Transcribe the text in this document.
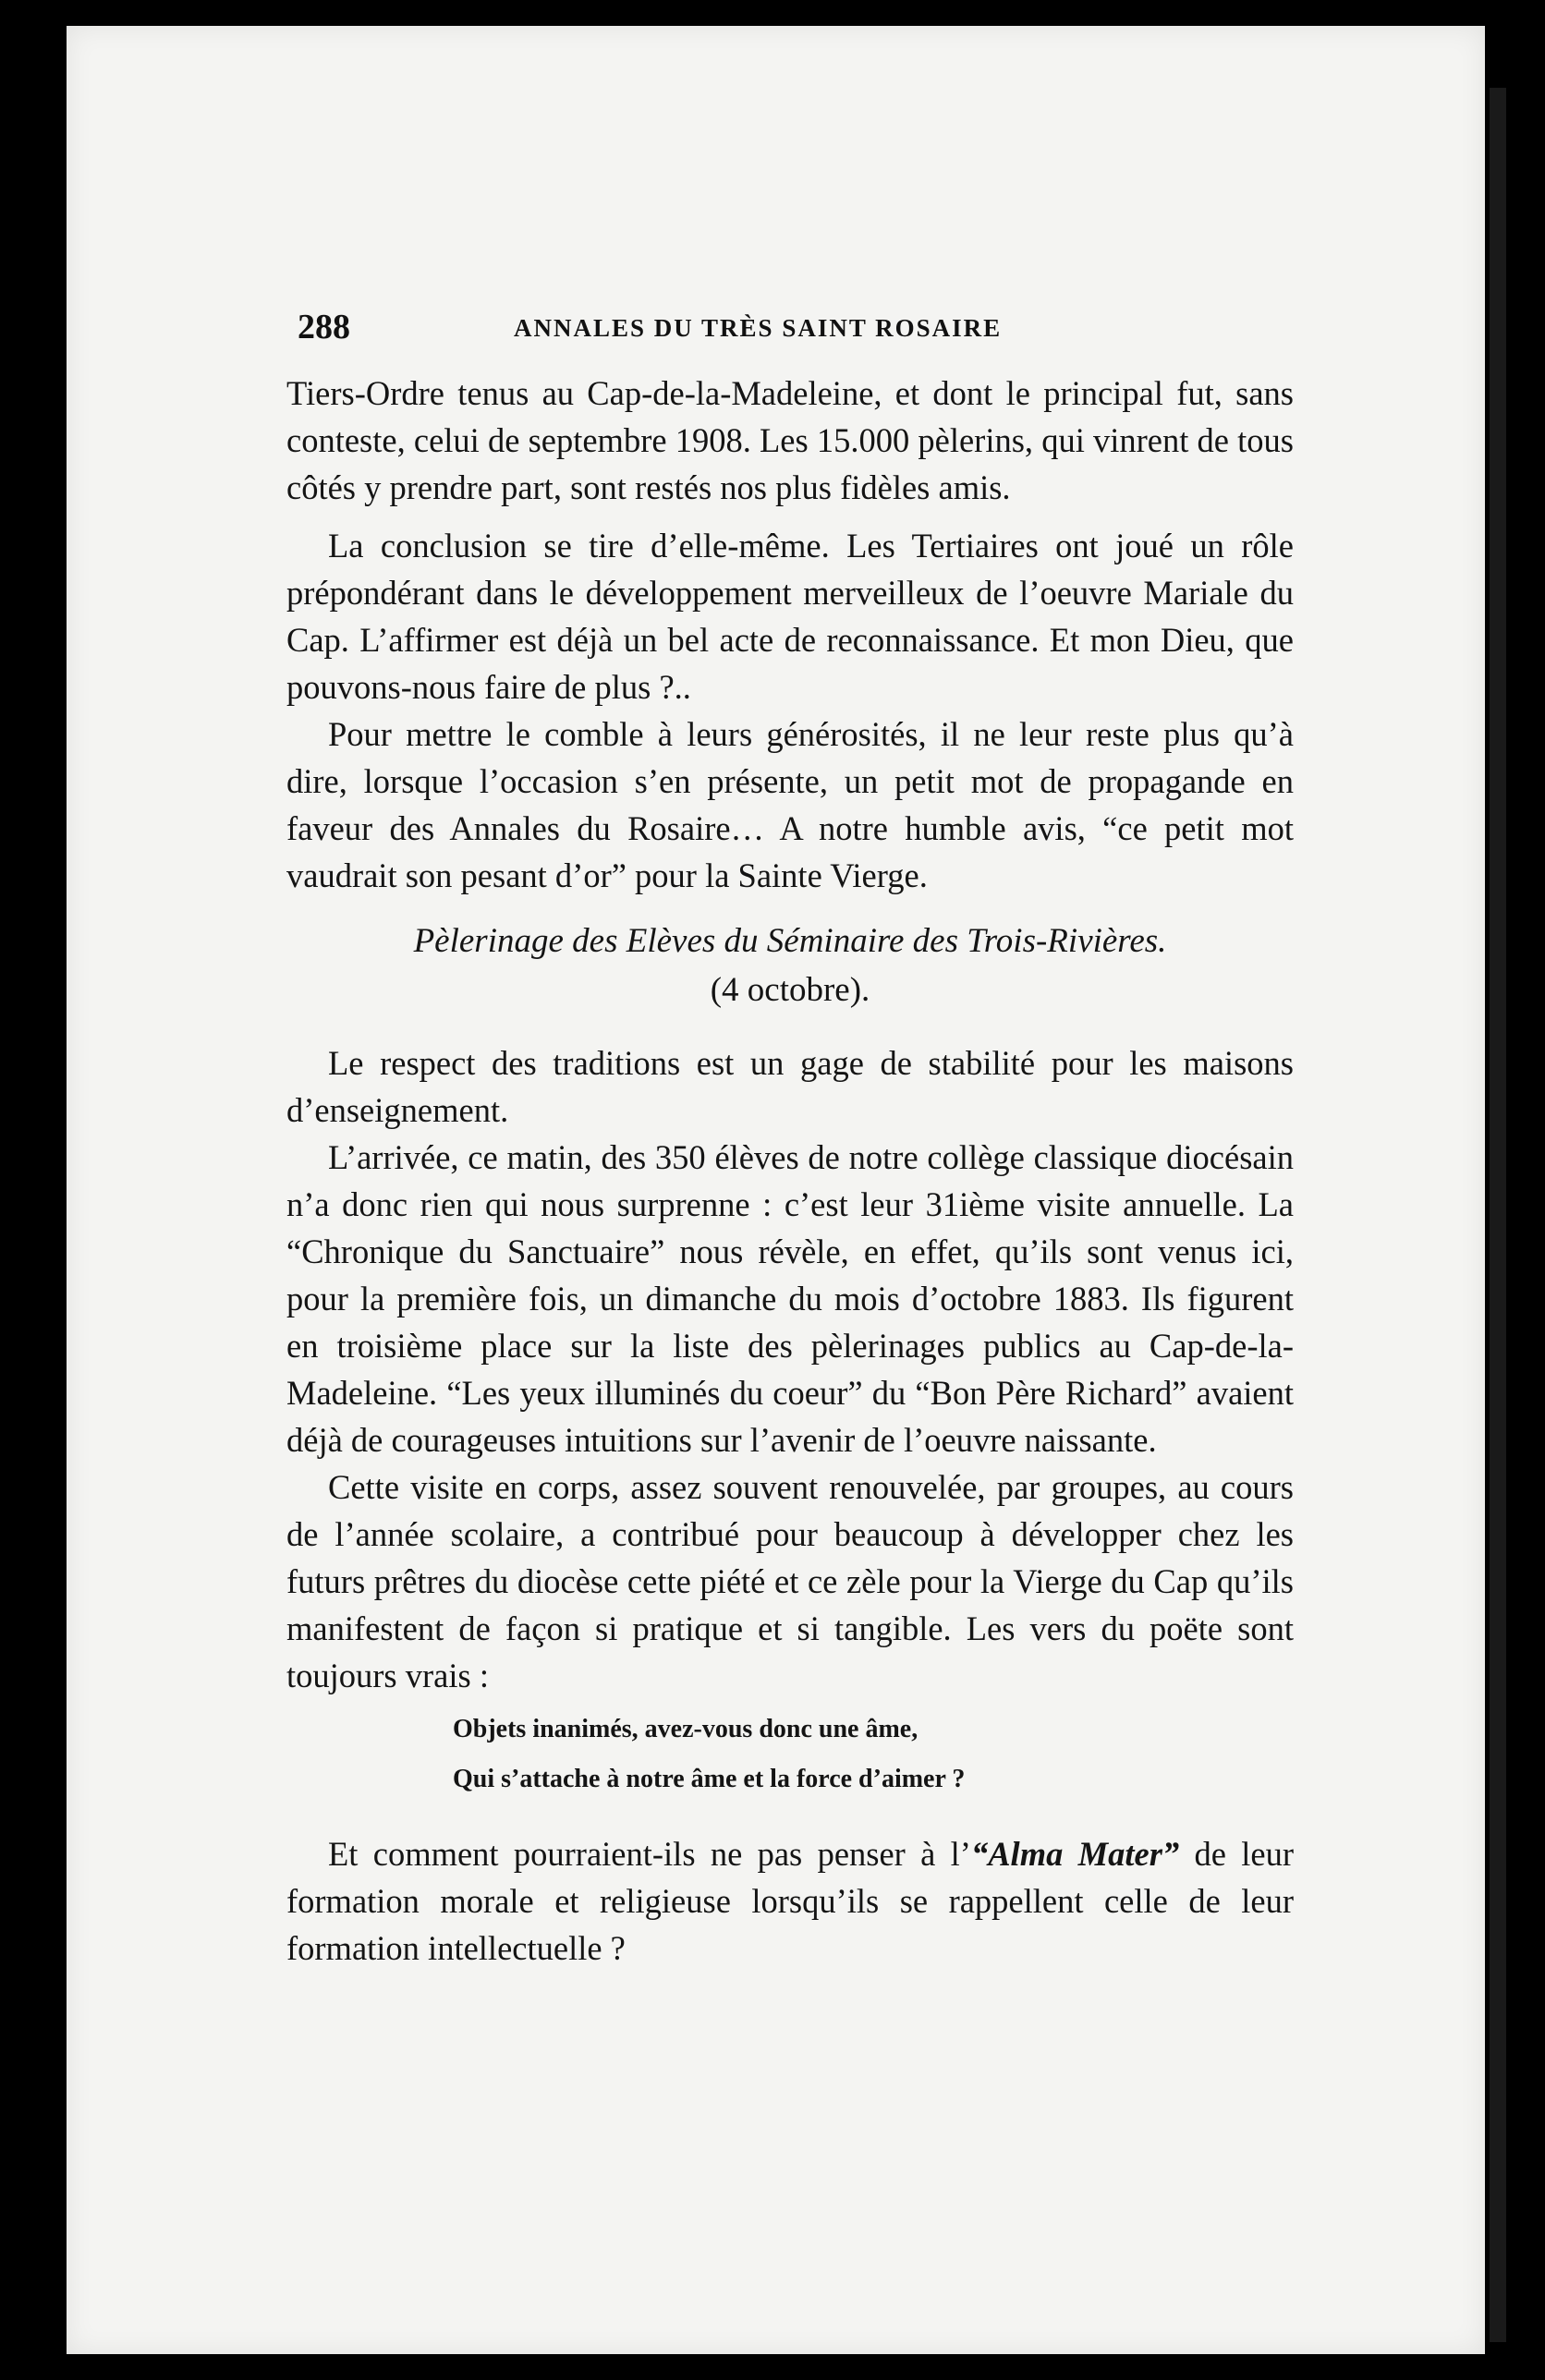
288	ANNALES DU TRÈS SAINT ROSAIRE

Tiers-Ordre tenus au Cap-de-la-Madeleine, et dont le principal fut, sans conteste, celui de septembre 1908. Les 15.000 pèlerins, qui vinrent de tous côtés y prendre part, sont restés nos plus fidèles amis.

La conclusion se tire d’elle-même. Les Tertiaires ont joué un rôle prépondérant dans le développement merveilleux de l’oeuvre Mariale du Cap. L’affirmer est déjà un bel acte de reconnaissance. Et mon Dieu, que pouvons-nous faire de plus ?..

Pour mettre le comble à leurs générosités, il ne leur reste plus qu’à dire, lorsque l’occasion s’en présente, un petit mot de propagande en faveur des Annales du Rosaire… A notre humble avis, “ce petit mot vaudrait son pesant d’or” pour la Sainte Vierge.

Pèlerinage des Elèves du Séminaire des Trois-Rivières.

(4 octobre).

Le respect des traditions est un gage de stabilité pour les maisons d’enseignement.

L’arrivée, ce matin, des 350 élèves de notre collège classique diocésain n’a donc rien qui nous surprenne : c’est leur 31ième visite annuelle. La “Chronique du Sanctuaire” nous révèle, en effet, qu’ils sont venus ici, pour la première fois, un dimanche du mois d’octobre 1883. Ils figurent en troisième place sur la liste des pèlerinages publics au Cap-de-la-Madeleine. “Les yeux illuminés du coeur” du “Bon Père Richard” avaient déjà de courageuses intuitions sur l’avenir de l’oeuvre naissante.

Cette visite en corps, assez souvent renouvelée, par groupes, au cours de l’année scolaire, a contribué pour beaucoup à développer chez les futurs prêtres du diocèse cette piété et ce zèle pour la Vierge du Cap qu’ils manifestent de façon si pratique et si tangible. Les vers du poëte sont toujours vrais :

Objets inanimés, avez-vous donc une âme,
Qui s’attache à notre âme et la force d’aimer ?

Et comment pourraient-ils ne pas penser à l’“Alma Mater” de leur formation morale et religieuse lorsqu’ils se rappellent celle de leur formation intellectuelle ?
